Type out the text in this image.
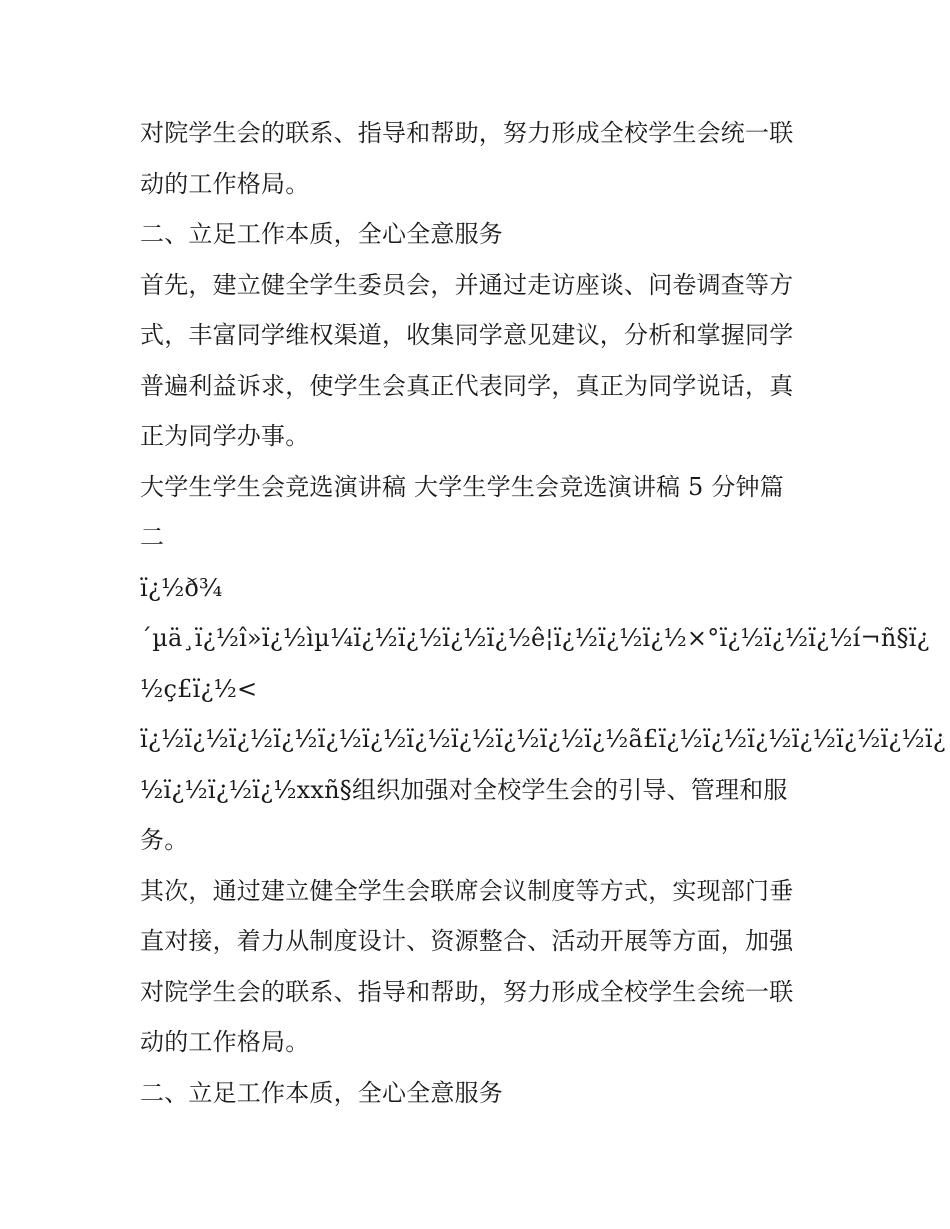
对院学生会的联系、指导和帮助，努力形成全校学生会统一联
动的工作格局。
二、立足工作本质，全心全意服务
首先，建立健全学生委员会，并通过走访座谈、问卷调查等方
式，丰富同学维权渠道，收集同学意见建议，分析和掌握同学
普遍利益诉求，使学生会真正代表同学，真正为同学说话，真
正为同学办事。
大学生学生会竞选演讲稿 大学生学生会竞选演讲稿 5 分钟篇
二
ï¿½ð¾
´µä¸ï¿½î»ï¿½ìµ¼ï¿½ï¿½ï¿½ï¿½ê¦ï¿½ï¿½ï¿½×°ï¿½ï¿½ï¿½í¬ñ§ï¿
½ç£ï¿½<
ï¿½ï¿½ï¿½ï¿½ï¿½ï¿½ï¿½ï¿½ï¿½ï¿½ï¿½ã£ï¿½ï¿½ï¿½ï¿½ï¿½ï¿½ï¿
½ï¿½ï¿½ï¿½xxñ§组织加强对全校学生会的引导、管理和服
务。
其次，通过建立健全学生会联席会议制度等方式，实现部门垂
直对接，着力从制度设计、资源整合、活动开展等方面，加强
对院学生会的联系、指导和帮助，努力形成全校学生会统一联
动的工作格局。
二、立足工作本质，全心全意服务
